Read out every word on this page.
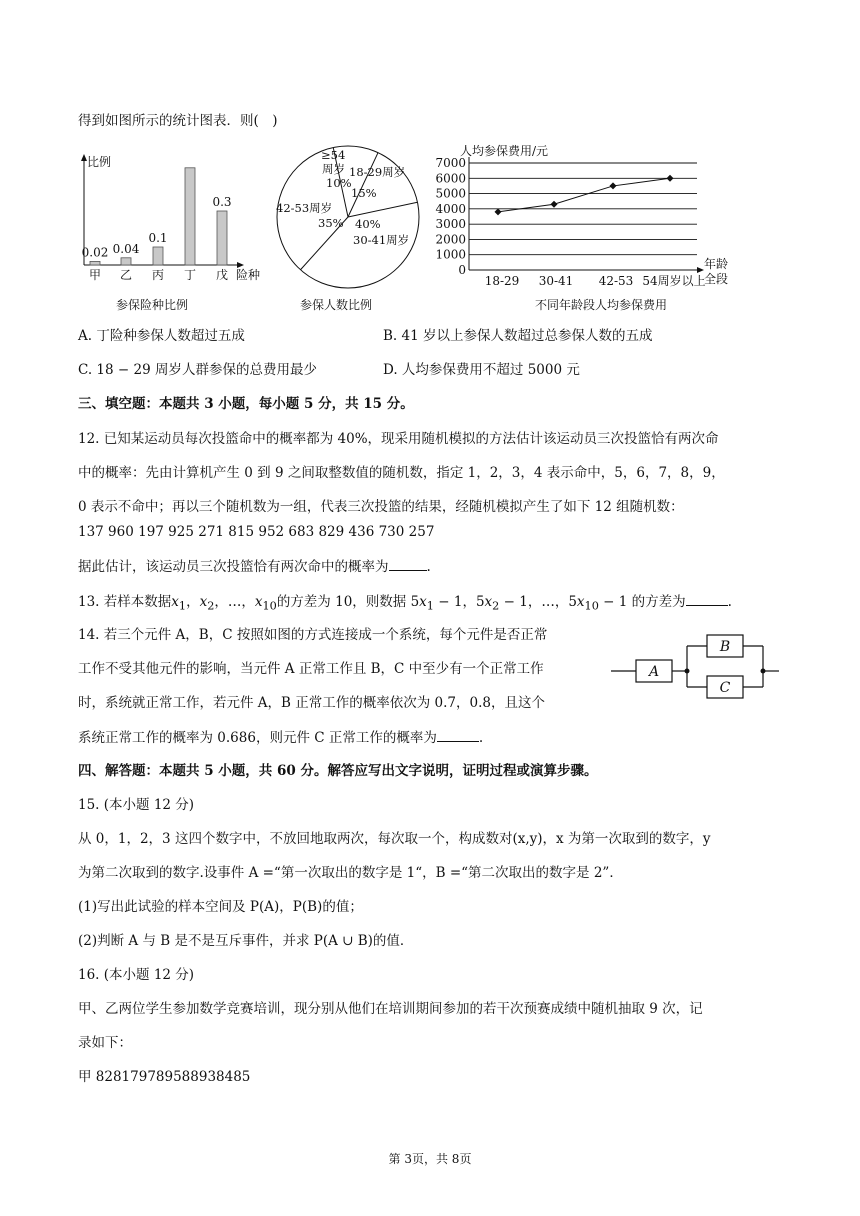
得到如图所示的统计图表．则(　)
比例
险种
0.02
甲
0.04
乙
0.1
丙 丁
0.3
戊
参保险种比例
≥54
周岁
10%
18-29周岁
15%
42-53周岁
35% 40%
30-41周岁
参保人数比例
人均参保费用/元
7000
6000
5000
4000
3000
2000
1000
0
18-29 30-41 42-53 54周岁以上
年龄
全段
不同年龄段人均参保费用
A. 丁险种参保人数超过五成	B. 41 岁以上参保人数超过总参保人数的五成
C. 18 − 29 周岁人群参保的总费用最少	D. 人均参保费用不超过 5000 元
三、填空题：本题共 3 小题，每小题 5 分，共 15 分。
12. 已知某运动员每次投篮命中的概率都为 40%，现采用随机模拟的方法估计该运动员三次投篮恰有两次命
中的概率：先由计算机产生 0 到 9 之间取整数值的随机数，指定 1，2，3，4 表示命中，5，6，7，8，9，
0 表示不命中；再以三个随机数为一组，代表三次投篮的结果，经随机模拟产生了如下 12 组随机数：
137 960 197 925 271 815 952 683 829 436 730 257
据此估计，该运动员三次投篮恰有两次命中的概率为	.
13. 若样本数据$x_1$，$x_2$，…，$x_{10}$的方差为 10，则数据 $5x_1 - 1$，$5x_2 - 1$，…，$5x_{10} - 1$ 的方差为	.
14. 若三个元件 A，B，C 按照如图的方式连接成一个系统，每个元件是否正常
工作不受其他元件的影响，当元件 A 正常工作且 B，C 中至少有一个正常工作
时，系统就正常工作，若元件 A，B 正常工作的概率依次为 0.7，0.8，且这个
系统正常工作的概率为 0.686，则元件 C 正常工作的概率为	.
A
B
C
四、解答题：本题共 5 小题，共 60 分。解答应写出文字说明，证明过程或演算步骤。
15. (本小题 12 分)
从 0，1，2，3 这四个数字中，不放回地取两次，每次取一个，构成数对(x,y)，x 为第一次取到的数字，y
为第二次取到的数字.设事件 A =“第一次取出的数字是 1“，B =“第二次取出的数字是 2”．
(1)写出此试验的样本空间及 P(A)，P(B)的值；
(2)判断 A 与 B 是不是互斥事件，并求 P(A ∪ B)的值．
16. (本小题 12 分)
甲、乙两位学生参加数学竞赛培训，现分别从他们在培训期间参加的若干次预赛成绩中随机抽取 9 次，记
录如下：
甲 828179789588938485
第 3页，共 8页
